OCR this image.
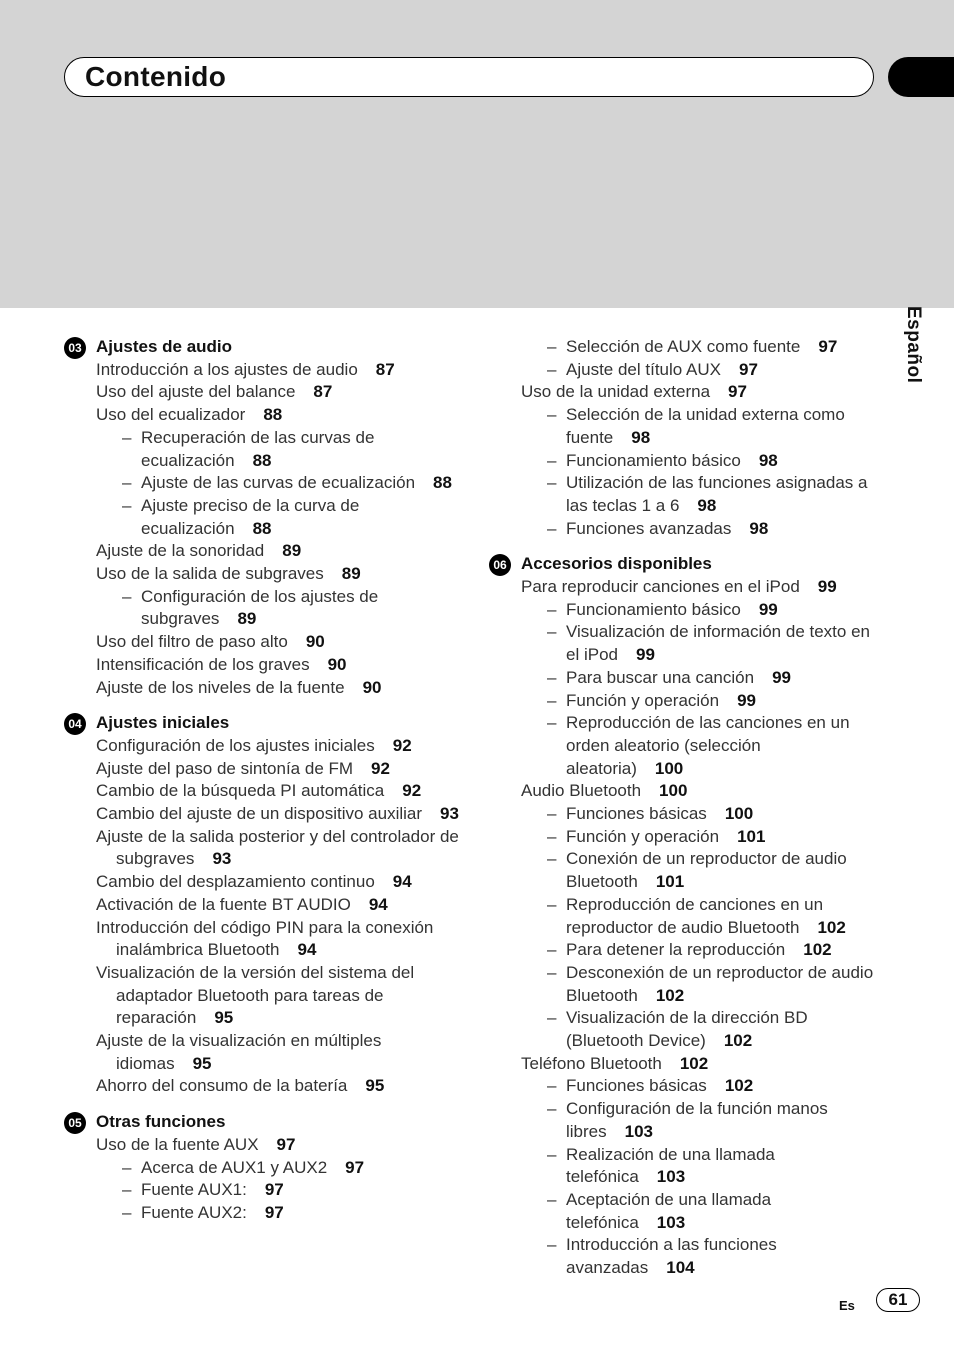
Contenido
Español
03 Ajustes de audio
Introducción a los ajustes de audio 87
Uso del ajuste del balance 87
Uso del ecualizador 88
– Recuperación de las curvas de ecualización 88
– Ajuste de las curvas de ecualización 88
– Ajuste preciso de la curva de ecualización 88
Ajuste de la sonoridad 89
Uso de la salida de subgraves 89
– Configuración de los ajustes de subgraves 89
Uso del filtro de paso alto 90
Intensificación de los graves 90
Ajuste de los niveles de la fuente 90
04 Ajustes iniciales
Configuración de los ajustes iniciales 92
Ajuste del paso de sintonía de FM 92
Cambio de la búsqueda PI automática 92
Cambio del ajuste de un dispositivo auxiliar 93
Ajuste de la salida posterior y del controlador de subgraves 93
Cambio del desplazamiento continuo 94
Activación de la fuente BT AUDIO 94
Introducción del código PIN para la conexión inalámbrica Bluetooth 94
Visualización de la versión del sistema del adaptador Bluetooth para tareas de reparación 95
Ajuste de la visualización en múltiples idiomas 95
Ahorro del consumo de la batería 95
05 Otras funciones
Uso de la fuente AUX 97
– Acerca de AUX1 y AUX2 97
– Fuente AUX1: 97
– Fuente AUX2: 97
– Selección de AUX como fuente 97
– Ajuste del título AUX 97
Uso de la unidad externa 97
– Selección de la unidad externa como fuente 98
– Funcionamiento básico 98
– Utilización de las funciones asignadas a las teclas 1 a 6 98
– Funciones avanzadas 98
06 Accesorios disponibles
Para reproducir canciones en el iPod 99
– Funcionamiento básico 99
– Visualización de información de texto en el iPod 99
– Para buscar una canción 99
– Función y operación 99
– Reproducción de las canciones en un orden aleatorio (selección aleatoria) 100
Audio Bluetooth 100
– Funciones básicas 100
– Función y operación 101
– Conexión de un reproductor de audio Bluetooth 101
– Reproducción de canciones en un reproductor de audio Bluetooth 102
– Para detener la reproducción 102
– Desconexión de un reproductor de audio Bluetooth 102
– Visualización de la dirección BD (Bluetooth Device) 102
Teléfono Bluetooth 102
– Funciones básicas 102
– Configuración de la función manos libres 103
– Realización de una llamada telefónica 103
– Aceptación de una llamada telefónica 103
– Introducción a las funciones avanzadas 104
Es	61
